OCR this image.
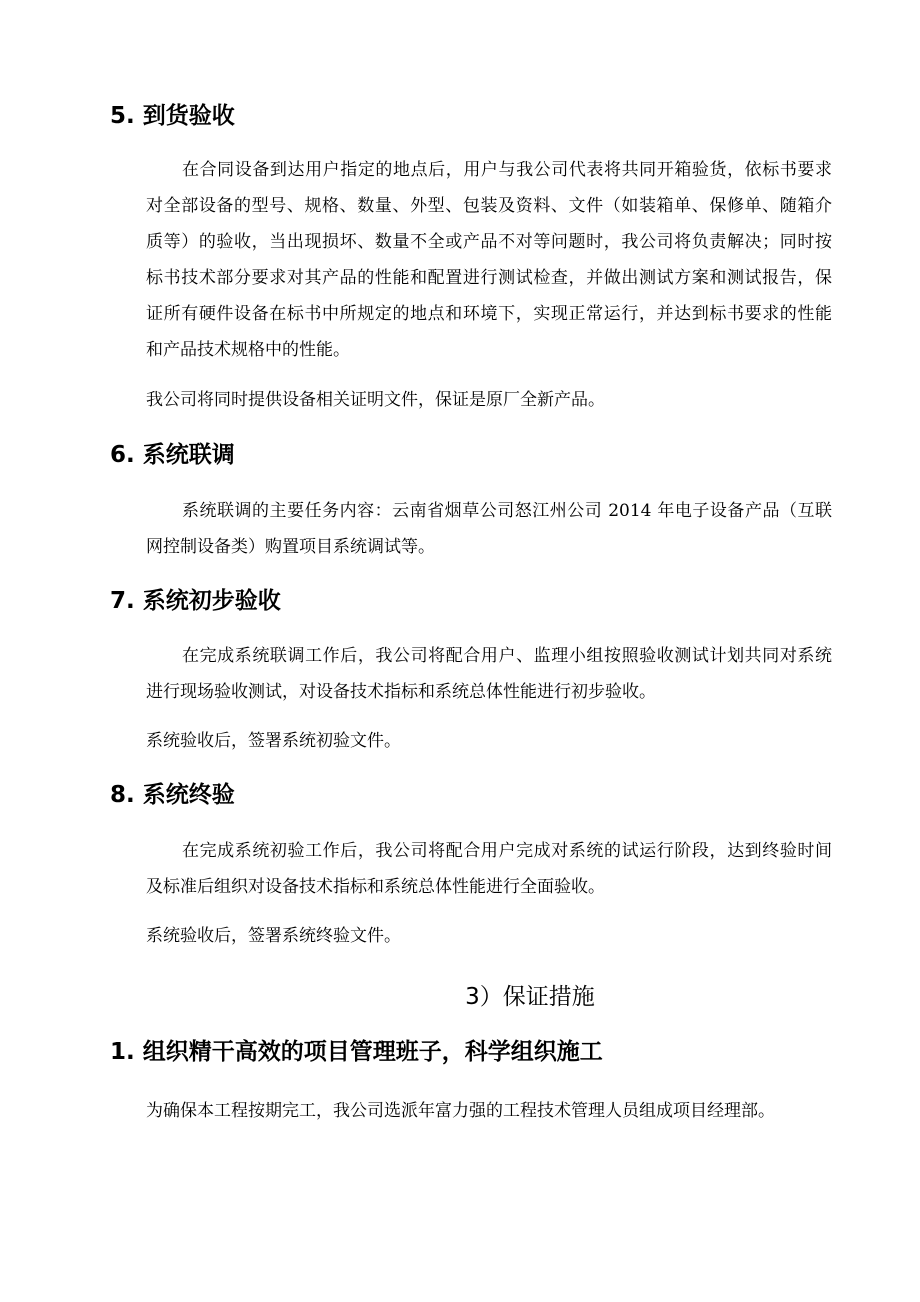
5. 到货验收
在合同设备到达用户指定的地点后，用户与我公司代表将共同开箱验货，依标书要求
对全部设备的型号、规格、数量、外型、包装及资料、文件（如装箱单、保修单、随箱介
质等）的验收，当出现损坏、数量不全或产品不对等问题时，我公司将负责解决；同时按
标书技术部分要求对其产品的性能和配置进行测试检查，并做出测试方案和测试报告，保
证所有硬件设备在标书中所规定的地点和环境下，实现正常运行，并达到标书要求的性能
和产品技术规格中的性能。

我公司将同时提供设备相关证明文件，保证是原厂全新产品。

6. 系统联调
系统联调的主要任务内容：云南省烟草公司怒江州公司 2014 年电子设备产品（互联
网控制设备类）购置项目系统调试等。
7. 系统初步验收
在完成系统联调工作后，我公司将配合用户、监理小组按照验收测试计划共同对系统
进行现场验收测试，对设备技术指标和系统总体性能进行初步验收。

系统验收后，签署系统初验文件。

8. 系统终验
在完成系统初验工作后，我公司将配合用户完成对系统的试运行阶段，达到终验时间
及标准后组织对设备技术指标和系统总体性能进行全面验收。

系统验收后，签署系统终验文件。

3）保证措施
1. 组织精干高效的项目管理班子，科学组织施工

为确保本工程按期完工，我公司选派年富力强的工程技术管理人员组成项目经理部。
